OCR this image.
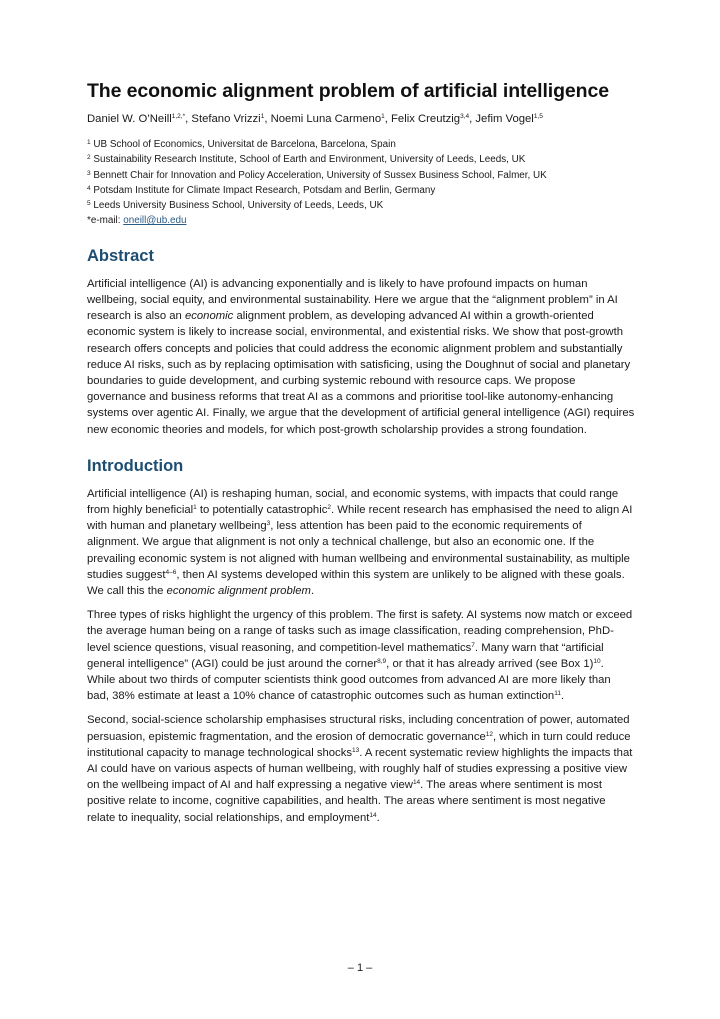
The economic alignment problem of artificial intelligence
Daniel W. O’Neill$^{1,2,*}$, Stefano Vrizzi$^1$, Noemi Luna Carmeno$^1$, Felix Creutzig$^{3,4}$, Jefim Vogel$^{1,5}$
$^1$ UB School of Economics, Universitat de Barcelona, Barcelona, Spain
$^2$ Sustainability Research Institute, School of Earth and Environment, University of Leeds, Leeds, UK
$^3$ Bennett Chair for Innovation and Policy Acceleration, University of Sussex Business School, Falmer, UK
$^4$ Potsdam Institute for Climate Impact Research, Potsdam and Berlin, Germany
$^5$ Leeds University Business School, University of Leeds, Leeds, UK
*e-mail: oneill@ub.edu
Abstract

Artificial intelligence (AI) is advancing exponentially and is likely to have profound impacts on human wellbeing, social equity, and environmental sustainability. Here we argue that the “alignment problem” in AI research is also an economic alignment problem, as developing advanced AI within a growth-oriented economic system is likely to increase social, environmental, and existential risks. We show that post-growth research offers concepts and policies that could address the economic alignment problem and substantially reduce AI risks, such as by replacing optimisation with satisficing, using the Doughnut of social and planetary boundaries to guide development, and curbing systemic rebound with resource caps. We propose governance and business reforms that treat AI as a commons and prioritise tool-like autonomy-enhancing systems over agentic AI. Finally, we argue that the development of artificial general intelligence (AGI) requires new economic theories and models, for which post-growth scholarship provides a strong foundation.

Introduction

Artificial intelligence (AI) is reshaping human, social, and economic systems, with impacts that could range from highly beneficial$^1$ to potentially catastrophic$^2$. While recent research has emphasised the need to align AI with human and planetary wellbeing$^3$, less attention has been paid to the economic requirements of alignment. We argue that alignment is not only a technical challenge, but also an economic one. If the prevailing economic system is not aligned with human wellbeing and environmental sustainability, as multiple studies suggest$^{4-6}$, then AI systems developed within this system are unlikely to be aligned with these goals. We call this the economic alignment problem.

Three types of risks highlight the urgency of this problem. The first is safety. AI systems now match or exceed the average human being on a range of tasks such as image classification, reading comprehension, PhD-level science questions, visual reasoning, and competition-level mathematics$^7$. Many warn that “artificial general intelligence” (AGI) could be just around the corner$^{8,9}$, or that it has already arrived (see Box 1)$^{10}$. While about two thirds of computer scientists think good outcomes from advanced AI are more likely than bad, 38% estimate at least a 10% chance of catastrophic outcomes such as human extinction$^{11}$.

Second, social-science scholarship emphasises structural risks, including concentration of power, automated persuasion, epistemic fragmentation, and the erosion of democratic governance$^{12}$, which in turn could reduce institutional capacity to manage technological shocks$^{13}$. A recent systematic review highlights the impacts that AI could have on various aspects of human wellbeing, with roughly half of studies expressing a positive view on the wellbeing impact of AI and half expressing a negative view$^{14}$. The areas where sentiment is most positive relate to income, cognitive capabilities, and health. The areas where sentiment is most negative relate to inequality, social relationships, and employment$^{14}$.

– 1 –
